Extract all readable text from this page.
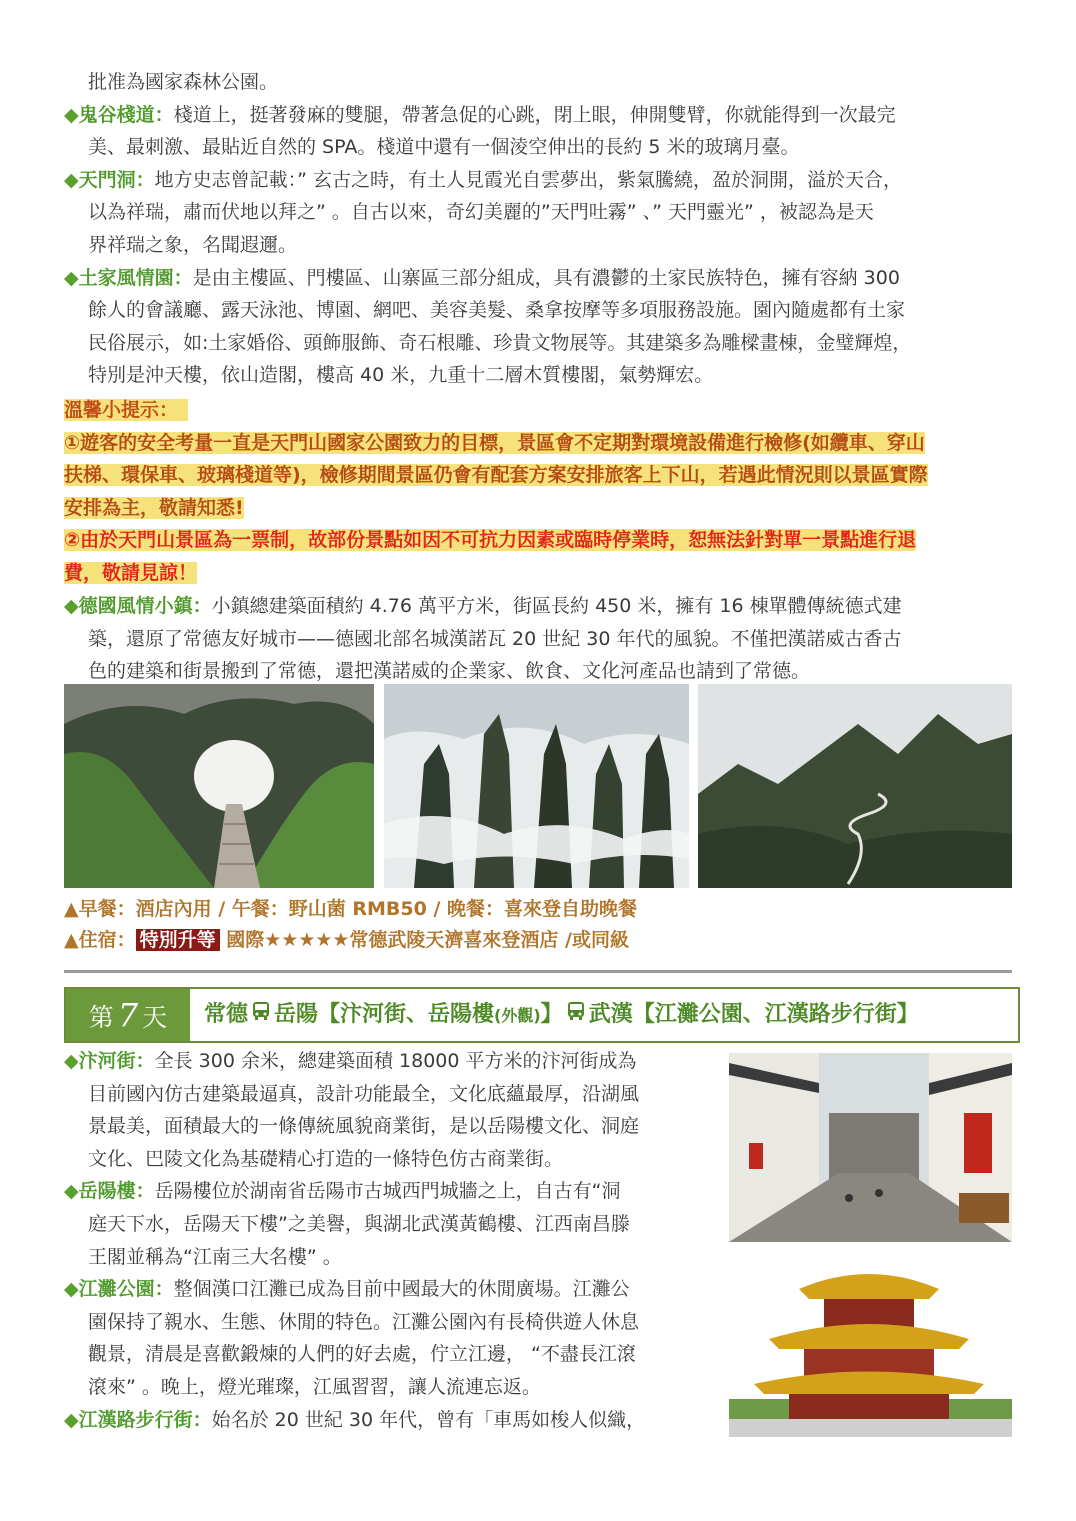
批准為國家森林公園。
◆鬼谷棧道：棧道上，挺著發麻的雙腿，帶著急促的心跳，閉上眼，伸開雙臂，你就能得到一次最完
美、最刺激、最貼近自然的 SPA。棧道中還有一個淩空伸出的長約 5 米的玻璃月臺。
◆天門洞：地方史志曾記載：” 玄古之時，有土人見霞光自雲夢出，紫氣騰繞，盈於洞開，溢於天合，
以為祥瑞，肅而伏地以拜之” 。自古以來，奇幻美麗的”天門吐霧” 、” 天門靈光” ，被認為是天
界祥瑞之象，名聞遐邇。
◆土家風情園：是由主樓區、門樓區、山寨區三部分組成，具有濃鬱的土家民族特色，擁有容納 300
餘人的會議廳、露天泳池、博園、網吧、美容美髮、桑拿按摩等多項服務設施。園內隨處都有土家
民俗展示，如:土家婚俗、頭飾服飾、奇石根雕、珍貴文物展等。其建築多為雕樑畫棟，金璧輝煌，
特別是沖天樓，依山造閣，樓高 40 米，九重十二層木質樓閣，氣勢輝宏。
溫馨小提示：
①遊客的安全考量一直是天門山國家公園致力的目標，景區會不定期對環境設備進行檢修(如纜車、穿山
扶梯、環保車、玻璃棧道等)，檢修期間景區仍會有配套方案安排旅客上下山，若遇此情況則以景區實際
安排為主，敬請知悉!
②由於天門山景區為一票制，故部份景點如因不可抗力因素或臨時停業時，恕無法針對單一景點進行退
費，敬請見諒！
◆德國風情小鎮：小鎮總建築面積約 4.76 萬平方米，街區長約 450 米，擁有 16 棟單體傳統德式建
築，還原了常德友好城市——德國北部名城漢諾瓦 20 世紀 30 年代的風貌。不僅把漢諾威古香古
色的建築和街景搬到了常德，還把漢諾威的企業家、飲食、文化河產品也請到了常德。
▲早餐：酒店內用 / 午餐：野山菌 RMB50 / 晚餐：喜來登自助晚餐
▲住宿： 特別升等 國際★★★★★常德武陵天濟喜來登酒店 /或同級
第 7 天	常德 岳陽【汴河街、岳陽樓(外觀)】 武漢【江灘公園、江漢路步行街】
◆汴河街：全長 300 余米，總建築面積 18000 平方米的汴河街成為
目前國內仿古建築最逼真，設計功能最全，文化底蘊最厚，沿湖風
景最美，面積最大的一條傳統風貌商業街，是以岳陽樓文化、洞庭
文化、巴陵文化為基礎精心打造的一條特色仿古商業街。
◆岳陽樓：岳陽樓位於湖南省岳陽市古城西門城牆之上，自古有“洞
庭天下水，岳陽天下樓”之美譽，與湖北武漢黃鶴樓、江西南昌滕
王閣並稱為“江南三大名樓” 。
◆江灘公園：整個漢口江灘已成為目前中國最大的休閒廣場。江灘公
園保持了親水、生態、休閒的特色。江灘公園內有長椅供遊人休息
觀景，清晨是喜歡鍛煉的人們的好去處，佇立江邊， “不盡長江滾
滾來” 。晚上，燈光璀璨，江風習習，讓人流連忘返。
◆江漢路步行街：始名於 20 世紀 30 年代，曾有「車馬如梭人似織，
